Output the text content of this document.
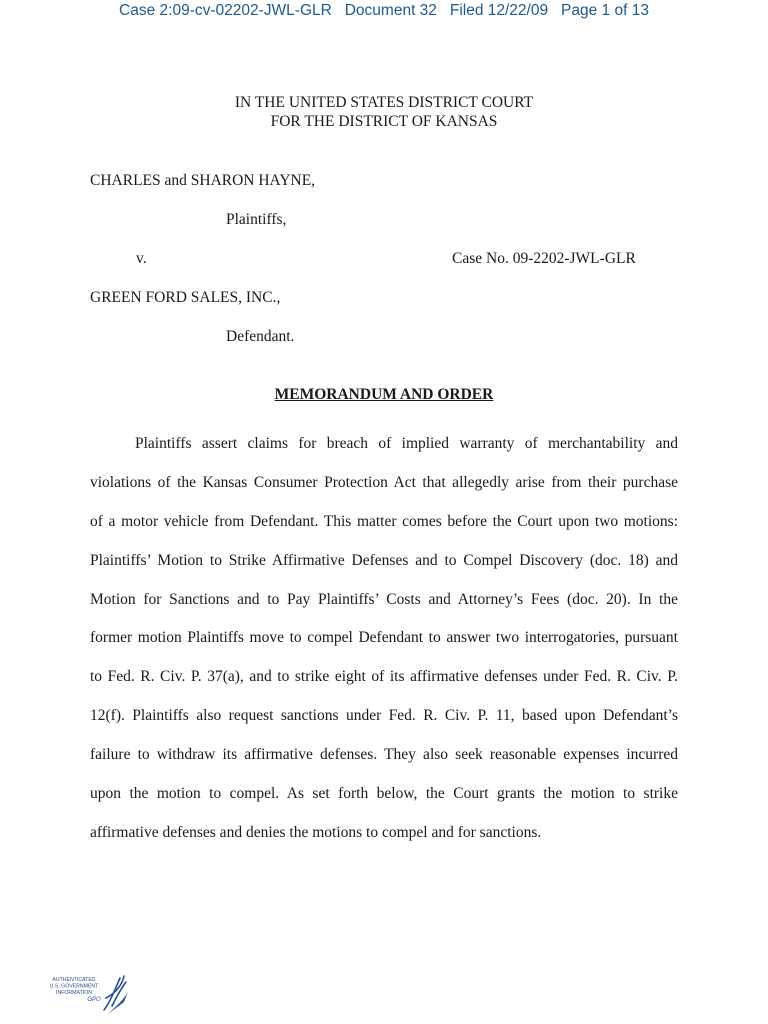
Case 2:09-cv-02202-JWL-GLR Document 32 Filed 12/22/09 Page 1 of 13
IN THE UNITED STATES DISTRICT COURT
FOR THE DISTRICT OF KANSAS
CHARLES and SHARON HAYNE,
Plaintiffs,
v.	Case No. 09-2202-JWL-GLR
GREEN FORD SALES, INC.,
Defendant.
MEMORANDUM AND ORDER
Plaintiffs assert claims for breach of implied warranty of merchantability and
violations of the Kansas Consumer Protection Act that allegedly arise from their purchase
of a motor vehicle from Defendant. This matter comes before the Court upon two motions:
Plaintiffs’ Motion to Strike Affirmative Defenses and to Compel Discovery (doc. 18) and
Motion for Sanctions and to Pay Plaintiffs’ Costs and Attorney’s Fees (doc. 20). In the
former motion Plaintiffs move to compel Defendant to answer two interrogatories, pursuant
to Fed. R. Civ. P. 37(a), and to strike eight of its affirmative defenses under Fed. R. Civ. P.
12(f). Plaintiffs also request sanctions under Fed. R. Civ. P. 11, based upon Defendant’s
failure to withdraw its affirmative defenses. They also seek reasonable expenses incurred
upon the motion to compel. As set forth below, the Court grants the motion to strike
affirmative defenses and denies the motions to compel and for sanctions.
AUTHENTICATED
U.S. GOVERNMENT
INFORMATION
GPO
